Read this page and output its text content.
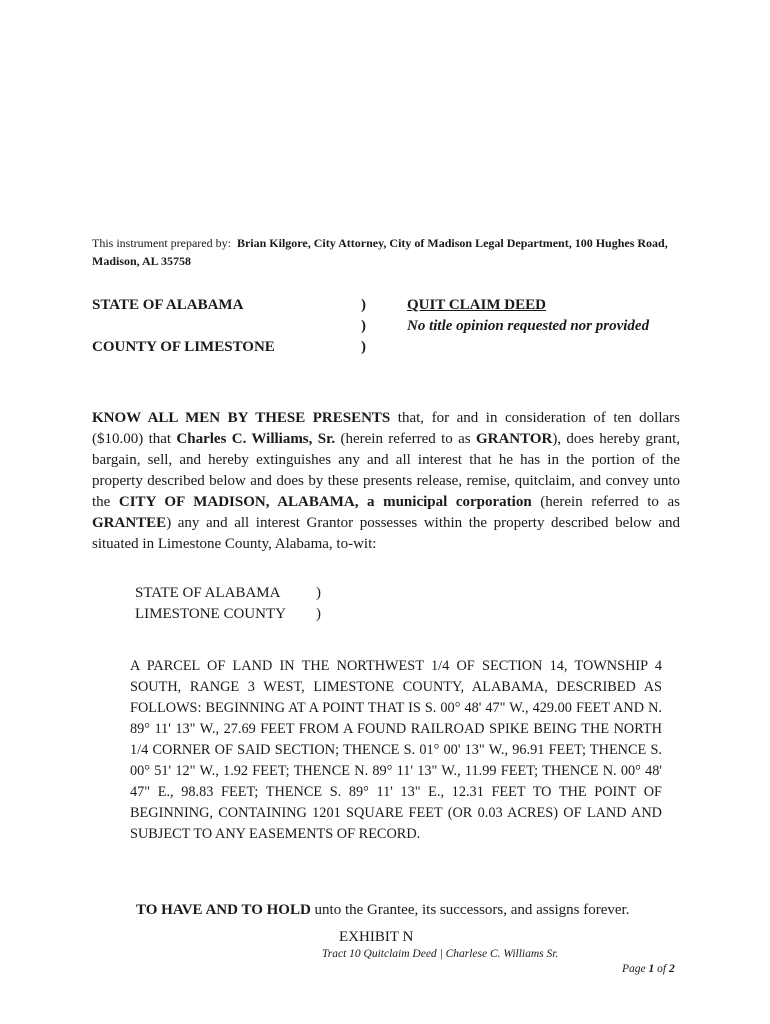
This instrument prepared by: Brian Kilgore, City Attorney, City of Madison Legal Department, 100 Hughes Road, Madison, AL 35758
STATE OF ALABAMA
COUNTY OF LIMESTONE
)
)
)
QUIT CLAIM DEED
No title opinion requested nor provided
KNOW ALL MEN BY THESE PRESENTS that, for and in consideration of ten dollars ($10.00) that Charles C. Williams, Sr. (herein referred to as GRANTOR), does hereby grant, bargain, sell, and hereby extinguishes any and all interest that he has in the portion of the property described below and does by these presents release, remise, quitclaim, and convey unto the CITY OF MADISON, ALABAMA, a municipal corporation (herein referred to as GRANTEE) any and all interest Grantor possesses within the property described below and situated in Limestone County, Alabama, to-wit:
STATE OF ALABAMA
LIMESTONE COUNTY
)
)
A PARCEL OF LAND IN THE NORTHWEST 1/4 OF SECTION 14, TOWNSHIP 4 SOUTH, RANGE 3 WEST, LIMESTONE COUNTY, ALABAMA, DESCRIBED AS FOLLOWS: BEGINNING AT A POINT THAT IS S. 00° 48' 47" W., 429.00 FEET AND N. 89° 11' 13" W., 27.69 FEET FROM A FOUND RAILROAD SPIKE BEING THE NORTH 1/4 CORNER OF SAID SECTION; THENCE S. 01° 00' 13" W., 96.91 FEET; THENCE S. 00° 51' 12" W., 1.92 FEET; THENCE N. 89° 11' 13" W., 11.99 FEET; THENCE N. 00° 48' 47" E., 98.83 FEET; THENCE S. 89° 11' 13" E., 12.31 FEET TO THE POINT OF BEGINNING, CONTAINING 1201 SQUARE FEET (OR 0.03 ACRES) OF LAND AND SUBJECT TO ANY EASEMENTS OF RECORD.
TO HAVE AND TO HOLD unto the Grantee, its successors, and assigns forever.
EXHIBIT N
Tract 10 Quitclaim Deed | Charlese C. Williams Sr.
Page 1 of 2
